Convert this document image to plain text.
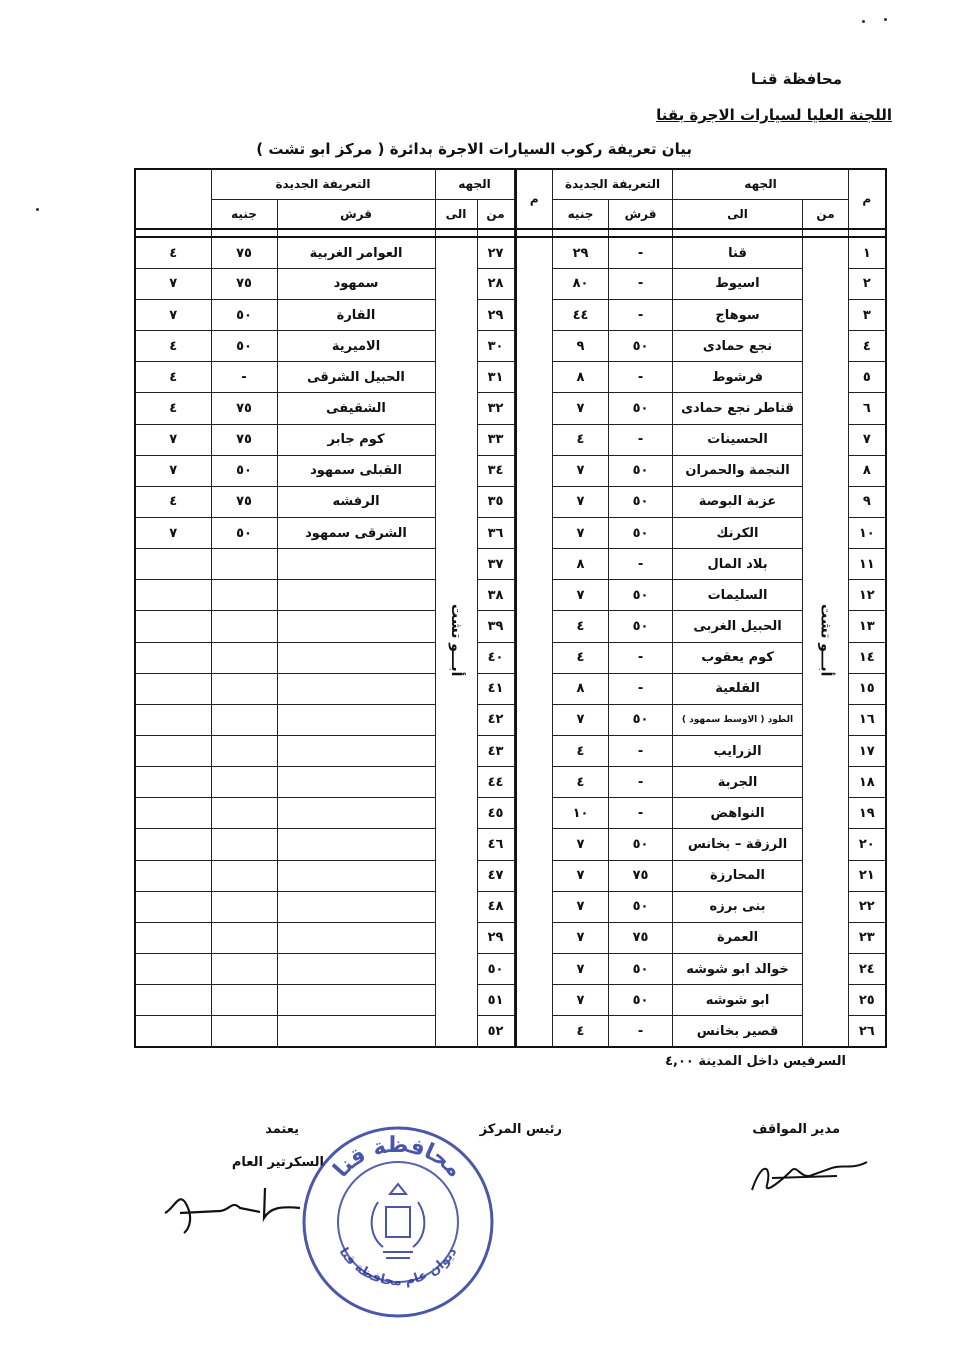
محافظة قنـا
اللجنة العليا لسيارات الاجرة بقنا
بيان تعريفة ركوب السيارات الاجرة بدائرة ( مركز ابو تشت )
الجهه		التعريفة الجديدة		
من	الى	قرش	جنيه	

٢٧	أبـــو تشت	العوامر الغربية	٧٥	٤
٢٨		سمهود	٧٥	٧
٢٩		القارة	٥٠	٧
٣٠		الاميرية	٥٠	٤
٣١		الحبيل الشرقى	-	٤
٣٢		الشقيفى	٧٥	٤
٣٣		كوم جابر	٧٥	٧
٣٤		القبلى سمهود	٥٠	٧
٣٥		الرفشه	٧٥	٤
٣٦		الشرقى سمهود	٥٠	٧
٣٧				
٣٨				
٣٩				
٤٠				
٤١				
٤٢				
٤٣				
٤٤				
٤٥				
٤٦				
٤٧				
٤٨				
٢٩				
٥٠				
٥١				
٥٢				
م	الجهه		التعريفة الجديدة		م
	من	الى	قرش	جنيه	

١	أبـــو تشت	قنا	-	٢٩	
٢		اسيوط	-	٨٠	
٣		سوهاج	-	٤٤	
٤		نجع حمادى	٥٠	٩	
٥		فرشوط	-	٨	
٦		قناطر نجع حمادى	٥٠	٧	
٧		الحسينات	-	٤	
٨		النجمة والحمران	٥٠	٧	
٩		عزبة البوصة	٥٠	٧	
١٠		الكرنك	٥٠	٧	
١١		بلاد المال	-	٨	
١٢		السليمات	٥٠	٧	
١٣		الحبيل الغربى	٥٠	٤	
١٤		كوم يعقوب	-	٤	
١٥		القلعية	-	٨	
١٦		الطود ( الاوسط سمهود )	٥٠	٧	
١٧		الزرايب	-	٤	
١٨		الجربة	-	٤	
١٩		النواهض	-	١٠	
٢٠		الرزقة – بخانس	٥٠	٧	
٢١		المحارزة	٧٥	٧	
٢٢		بنى برزه	٥٠	٧	
٢٣		العمرة	٧٥	٧	
٢٤		خوالد ابو شوشه	٥٠	٧	
٢٥		ابو شوشه	٥٠	٧	
٢٦		قصير بخانس	-	٤	
السرفيس داخل المدينة ٤,٠٠
مدير المواقف
رئيس المركز
يعتمد
السكرتير العام محافظة قنا
ديوان عام محافظة قنا
